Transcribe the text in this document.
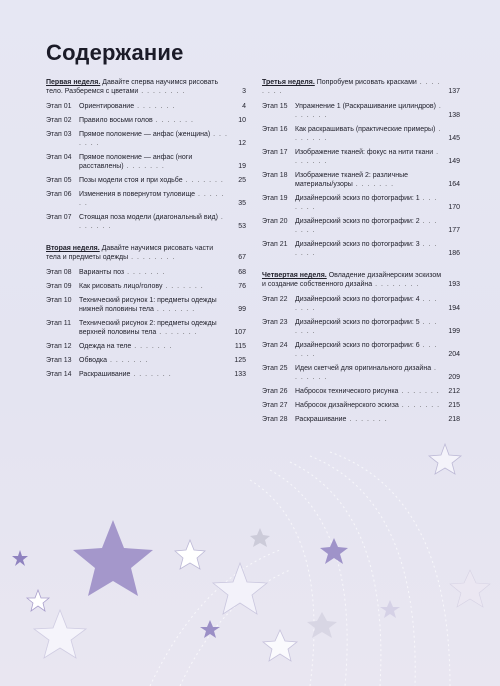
Содержание
Первая неделя. Давайте сперва научимся рисовать тело. Разберемся с цветами . . . . . . . .	3
Этап 01 Ориентирование . . . . . . .	4
Этап 02 Правило восьми голов . . . . . . .	10
Этап 03 Прямое положение — анфас (женщина) . . . . . . .	12
Этап 04 Прямое положение — анфас (ноги расставлены) . . . . . . .	19
Этап 05 Позы модели стоя и при ходьбе . . . . . . .	25
Этап 06 Изменения в повернутом туловище . . . . . . .	35
Этап 07 Стоящая поза модели (диагональный вид) . . . . . . .	53
Вторая неделя. Давайте научимся рисовать части тела и предметы одежды . . . . . . . .	67
Этап 08 Варианты поз . . . . . . .	68
Этап 09 Как рисовать лицо/голову . . . . . . .	76
Этап 10 Технический рисунок 1: предметы одежды нижней половины тела . . . . . . .	99
Этап 11 Технический рисунок 2: предметы одежды верхней половины тела . . . . . . .	107
Этап 12 Одежда на теле . . . . . . .	115
Этап 13 Обводка . . . . . . .	125
Этап 14 Раскрашивание . . . . . . .	133
Третья неделя. Попробуем рисовать красками . . . . . . . .	137
Этап 15 Упражнение 1 (Раскрашивание цилиндров) . . . . . . .	138
Этап 16 Как раскрашивать (практические примеры) . . . . . . .	145
Этап 17 Изображение тканей: фокус на нити ткани . . . . . . .	149
Этап 18 Изображение тканей 2: различные материалы/узоры . . . . . . .	164
Этап 19 Дизайнерский эскиз по фотографии: 1 . . . . . . .	170
Этап 20 Дизайнерский эскиз по фотографии: 2 . . . . . . .	177
Этап 21 Дизайнерский эскиз по фотографии: 3 . . . . . . .	186
Четвертая неделя. Овладение дизайнерским эскизом и создание собственного дизайна . . . . . . . .	193
Этап 22 Дизайнерский эскиз по фотографии: 4 . . . . . . .	194
Этап 23 Дизайнерский эскиз по фотографии: 5 . . . . . . .	199
Этап 24 Дизайнерский эскиз по фотографии: 6 . . . . . . .	204
Этап 25 Идеи скетчей для оригинального дизайна . . . . . . .	209
Этап 26 Набросок технического рисунка . . . . . . .	212
Этап 27 Набросок дизайнерского эскиза . . . . . . .	215
Этап 28 Раскрашивание . . . . . . .	218
